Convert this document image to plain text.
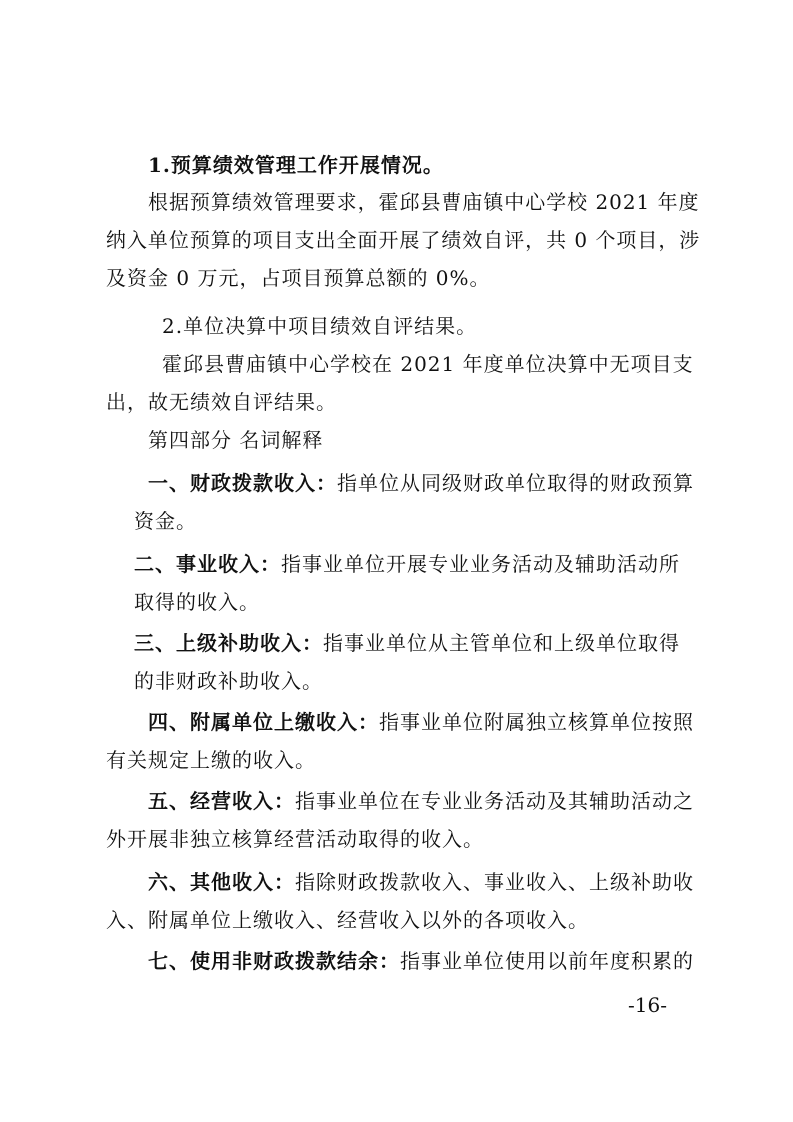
1.预算绩效管理工作开展情况。
根据预算绩效管理要求，霍邱县曹庙镇中心学校 2021 年度
纳入单位预算的项目支出全面开展了绩效自评，共 0 个项目，涉
及资金 0 万元，占项目预算总额的 0%。
2.单位决算中项目绩效自评结果。
霍邱县曹庙镇中心学校在 2021 年度单位决算中无项目支
出，故无绩效自评结果。
第四部分 名词解释
一、财政拨款收入：指单位从同级财政单位取得的财政预算
资金。
二、事业收入：指事业单位开展专业业务活动及辅助活动所
取得的收入。
三、上级补助收入：指事业单位从主管单位和上级单位取得
的非财政补助收入。
四、附属单位上缴收入：指事业单位附属独立核算单位按照
有关规定上缴的收入。
五、经营收入：指事业单位在专业业务活动及其辅助活动之
外开展非独立核算经营活动取得的收入。
六、其他收入：指除财政拨款收入、事业收入、上级补助收
入、附属单位上缴收入、经营收入以外的各项收入。
七、使用非财政拨款结余：指事业单位使用以前年度积累的
-16-
